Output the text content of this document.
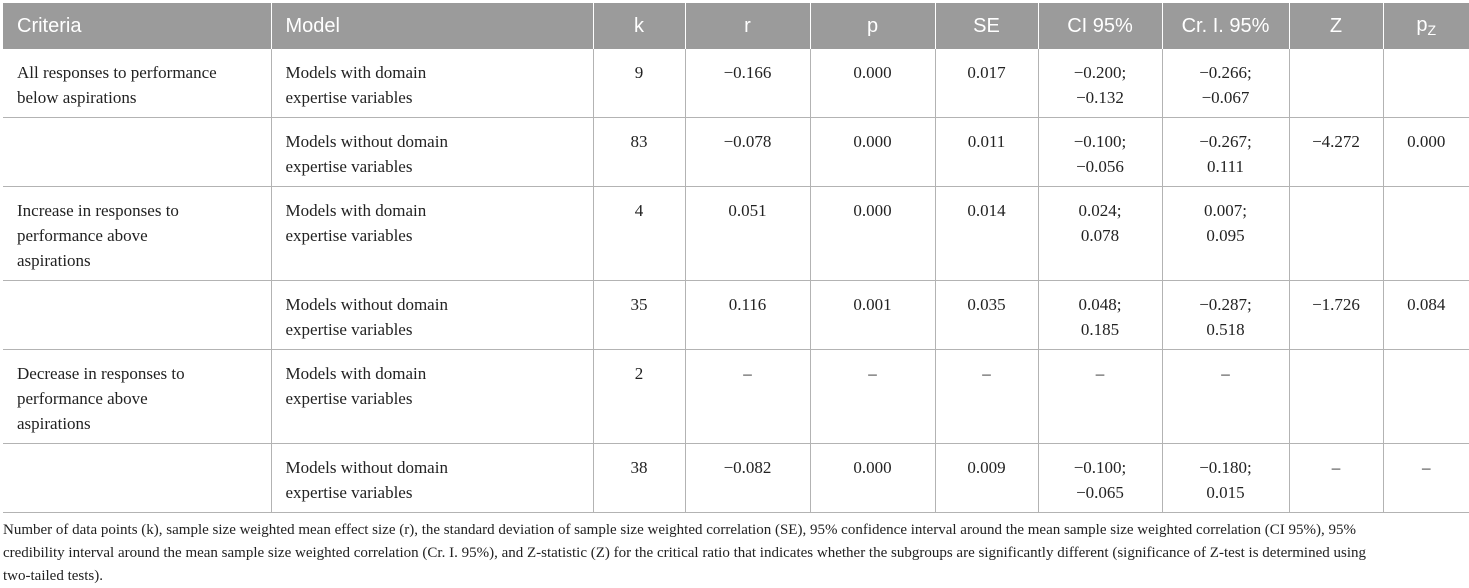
Criteria	Model	k	r	p	SE	CI 95%	Cr. I. 95%	Z	$p_Z$

All responses to performance
below aspirations	Models with domain
expertise variables	9	−0.166	0.000	0.017	−0.200;
−0.132	−0.266;
−0.067		

	Models without domain
expertise variables	83	−0.078	0.000	0.011	−0.100;
−0.056	−0.267;
0.111	−4.272	0.000

Increase in responses to
performance above
aspirations	Models with domain
expertise variables	4	0.051	0.000	0.014	0.024;
0.078	0.007;
0.095		

	Models without domain
expertise variables	35	0.116	0.001	0.035	0.048;
0.185	−0.287;
0.518	−1.726	0.084

Decrease in responses to
performance above
aspirations	Models with domain
expertise variables	2	–	–	–	–	–		

	Models without domain
expertise variables	38	−0.082	0.000	0.009	−0.100;
−0.065	−0.180;
0.015	–	–

Number of data points (k), sample size weighted mean effect size (r), the standard deviation of sample size weighted correlation (SE), 95% confidence interval around the mean sample size weighted correlation (CI 95%), 95% credibility interval around the mean sample size weighted correlation (Cr. I. 95%), and Z-statistic (Z) for the critical ratio that indicates whether the subgroups are significantly different (significance of Z-test is determined using two-tailed tests).
